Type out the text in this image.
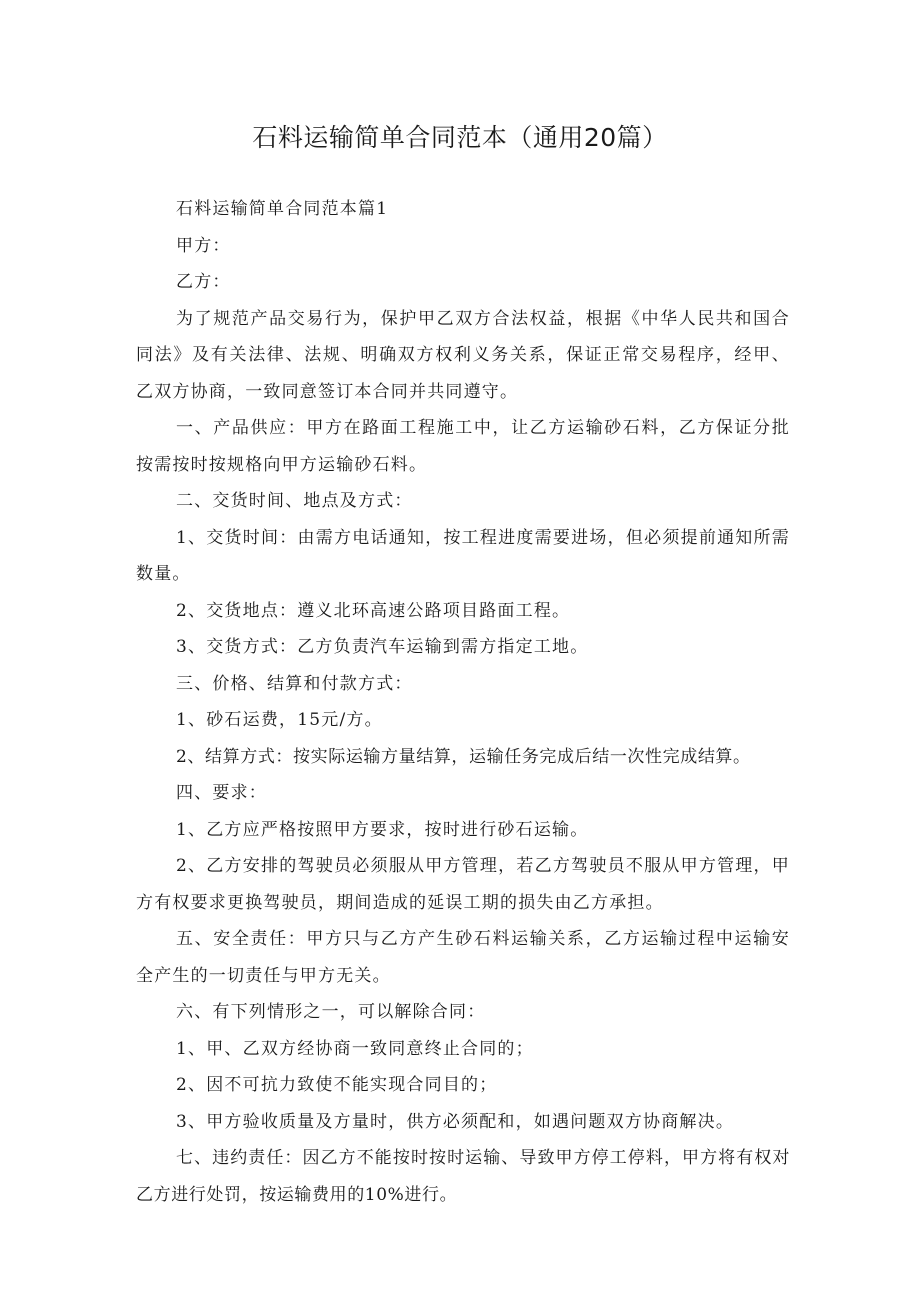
石料运输简单合同范本（通用20篇）

石料运输简单合同范本篇1

甲方：

乙方：

为了规范产品交易行为，保护甲乙双方合法权益，根据《中华人民共和国合同法》及有关法律、法规、明确双方权利义务关系，保证正常交易程序，经甲、乙双方协商，一致同意签订本合同并共同遵守。

一、产品供应：甲方在路面工程施工中，让乙方运输砂石料，乙方保证分批按需按时按规格向甲方运输砂石料。

二、交货时间、地点及方式：

1、交货时间：由需方电话通知，按工程进度需要进场，但必须提前通知所需数量。

2、交货地点：遵义北环高速公路项目路面工程。

3、交货方式：乙方负责汽车运输到需方指定工地。

三、价格、结算和付款方式：

1、砂石运费，15元/方。

2、结算方式：按实际运输方量结算，运输任务完成后结一次性完成结算。

四、要求：

1、乙方应严格按照甲方要求，按时进行砂石运输。

2、乙方安排的驾驶员必须服从甲方管理，若乙方驾驶员不服从甲方管理，甲方有权要求更换驾驶员，期间造成的延误工期的损失由乙方承担。

五、安全责任：甲方只与乙方产生砂石料运输关系，乙方运输过程中运输安全产生的一切责任与甲方无关。

六、有下列情形之一，可以解除合同：

1、甲、乙双方经协商一致同意终止合同的；

2、因不可抗力致使不能实现合同目的；

3、甲方验收质量及方量时，供方必须配和，如遇问题双方协商解决。

七、违约责任：因乙方不能按时按时运输、导致甲方停工停料，甲方将有权对乙方进行处罚，按运输费用的10%进行。
